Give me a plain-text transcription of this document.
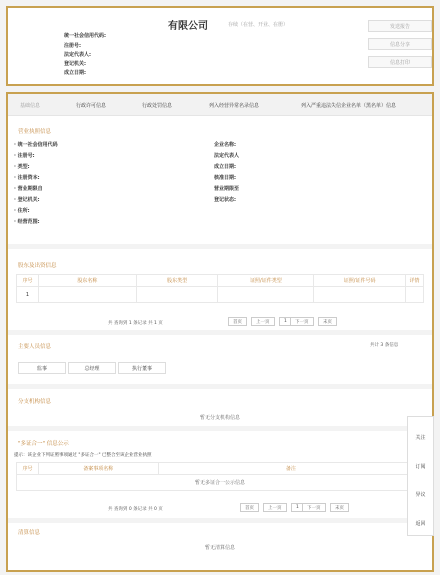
有限公司	存续（在营、开业、在册）
统一社会信用代码:
注册号:
法定代表人:
登记机关:
成立日期:
发送报告
信息分享
信息打印
基础信息	行政许可信息	行政处罚信息	列入经营异常名录信息	列入严重违法失信企业名单（黑名单）信息
营业执照信息
· 统一社会信用代码
· 注册号:
· 类型:
· 注册资本:
· 营业期限自
· 登记机关:
· 住所:
· 经营范围:
企业名称:
法定代表人
成立日期:
核准日期:
营业期限至
登记状态:
股东及出资信息
序号	股东名称	股东类型	证照/证件类型	证照/证件号码	详情
1					
共 查询到 1 条记录 共 1 页	首页	上一页	1	下一页	末页
主要人员信息	共计 3 条信息
监事	总经理	执行董事
分支机构信息
暂无分支机构信息
"多证合一" 信息公示
提示：该企业下列证照事项通过 "多证合一" 已整合至该企业营业执照
序号	备案事项名称	备注
暂无多证合一公示信息
共 查询到 0 条记录 共 0 页	首页	上一页	1	下一页	末页
清算信息
暂无清算信息
关注
订阅
异议
返回
